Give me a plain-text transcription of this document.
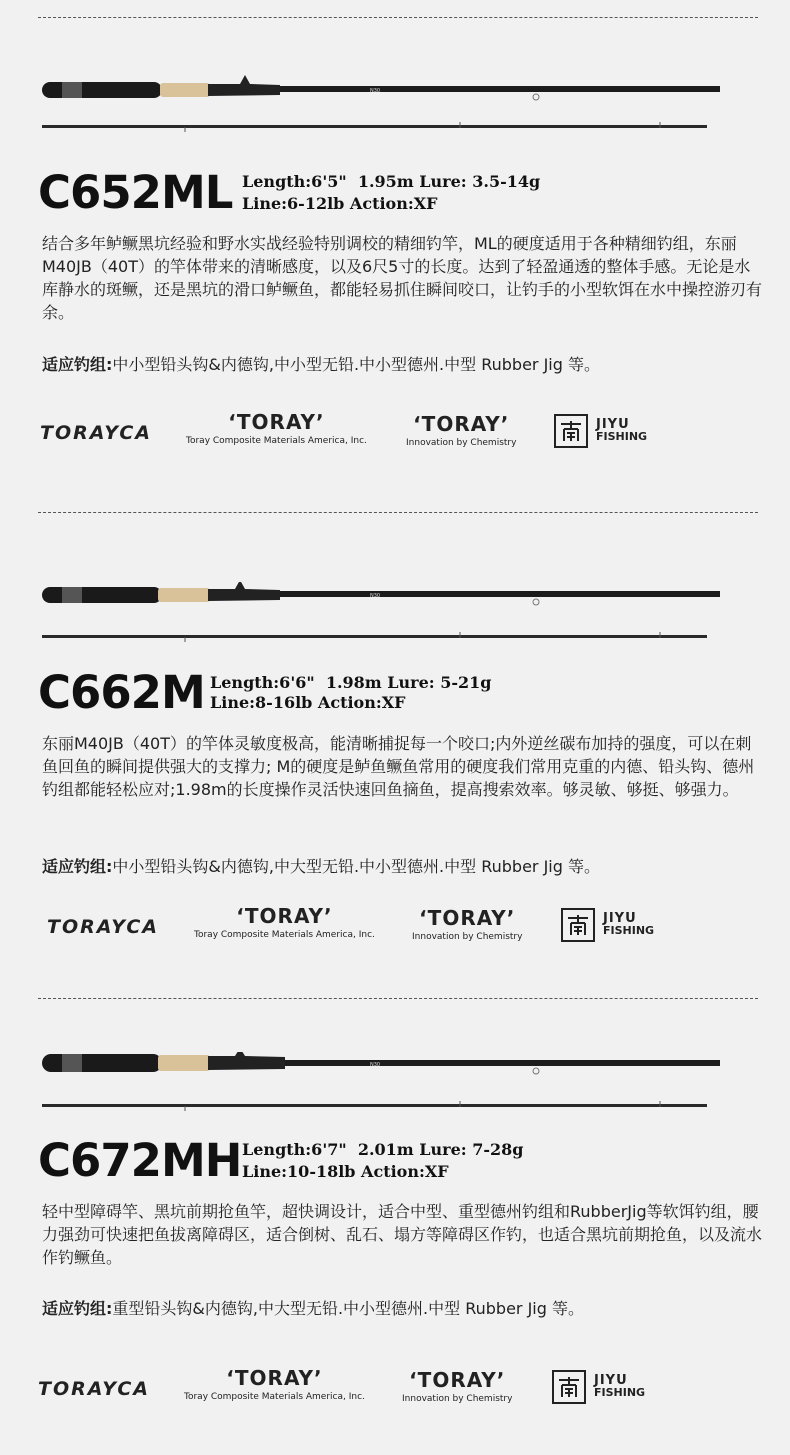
N30
C652ML Length:6'5"  1.95m Lure: 3.5-14g
Line:6-12lb Action:XF
结合多年鲈鳜黑坑经验和野水实战经验特别调校的精细钓竿，ML的硬度适用于各种精细钓组，东丽M40JB（40T）的竿体带来的清晰感度，以及6尺5寸的长度。达到了轻盈通透的整体手感。无论是水库静水的斑鳜，还是黑坑的滑口鲈鳜鱼，都能轻易抓住瞬间咬口，让钓手的小型软饵在水中操控游刃有余。
适应钓组:中小型铅头钩&内德钩,中小型无铅.中小型德州.中型 Rubber Jig 等。
TORAYCA	ʻTORAYʼ
Toray Composite Materials America, Inc.
ʻTORAYʼ
Innovation by Chemistry
JIYU
FISHING
N30
C662M Length:6'6"  1.98m Lure: 5-21g
Line:8-16lb Action:XF
东丽M40JB（40T）的竿体灵敏度极高，能清晰捕捉每一个咬口;内外逆丝碳布加持的强度，可以在刺鱼回鱼的瞬间提供强大的支撑力; M的硬度是鲈鱼鳜鱼常用的硬度我们常用克重的内德、铅头钩、德州钓组都能轻松应对;1.98m的长度操作灵活快速回鱼摘鱼，提高搜索效率。够灵敏、够挺、够强力。
适应钓组:中小型铅头钩&内德钩,中大型无铅.中小型德州.中型 Rubber Jig 等。
TORAYCA	ʻTORAYʼ
Toray Composite Materials America, Inc.
ʻTORAYʼ
Innovation by Chemistry
JIYU
FISHING
N30
C672MH Length:6'7"  2.01m Lure: 7-28g
Line:10-18lb Action:XF
轻中型障碍竿、黑坑前期抢鱼竿，超快调设计，适合中型、重型德州钓组和RubberJig等软饵钓组，腰力强劲可快速把鱼拔离障碍区，适合倒树、乱石、塌方等障碍区作钓，也适合黑坑前期抢鱼，以及流水作钓鳜鱼。
适应钓组:重型铅头钩&内德钩,中大型无铅.中小型德州.中型 Rubber Jig 等。
TORAYCA	ʻTORAYʼ
Toray Composite Materials America, Inc.
ʻTORAYʼ
Innovation by Chemistry
JIYU
FISHING
